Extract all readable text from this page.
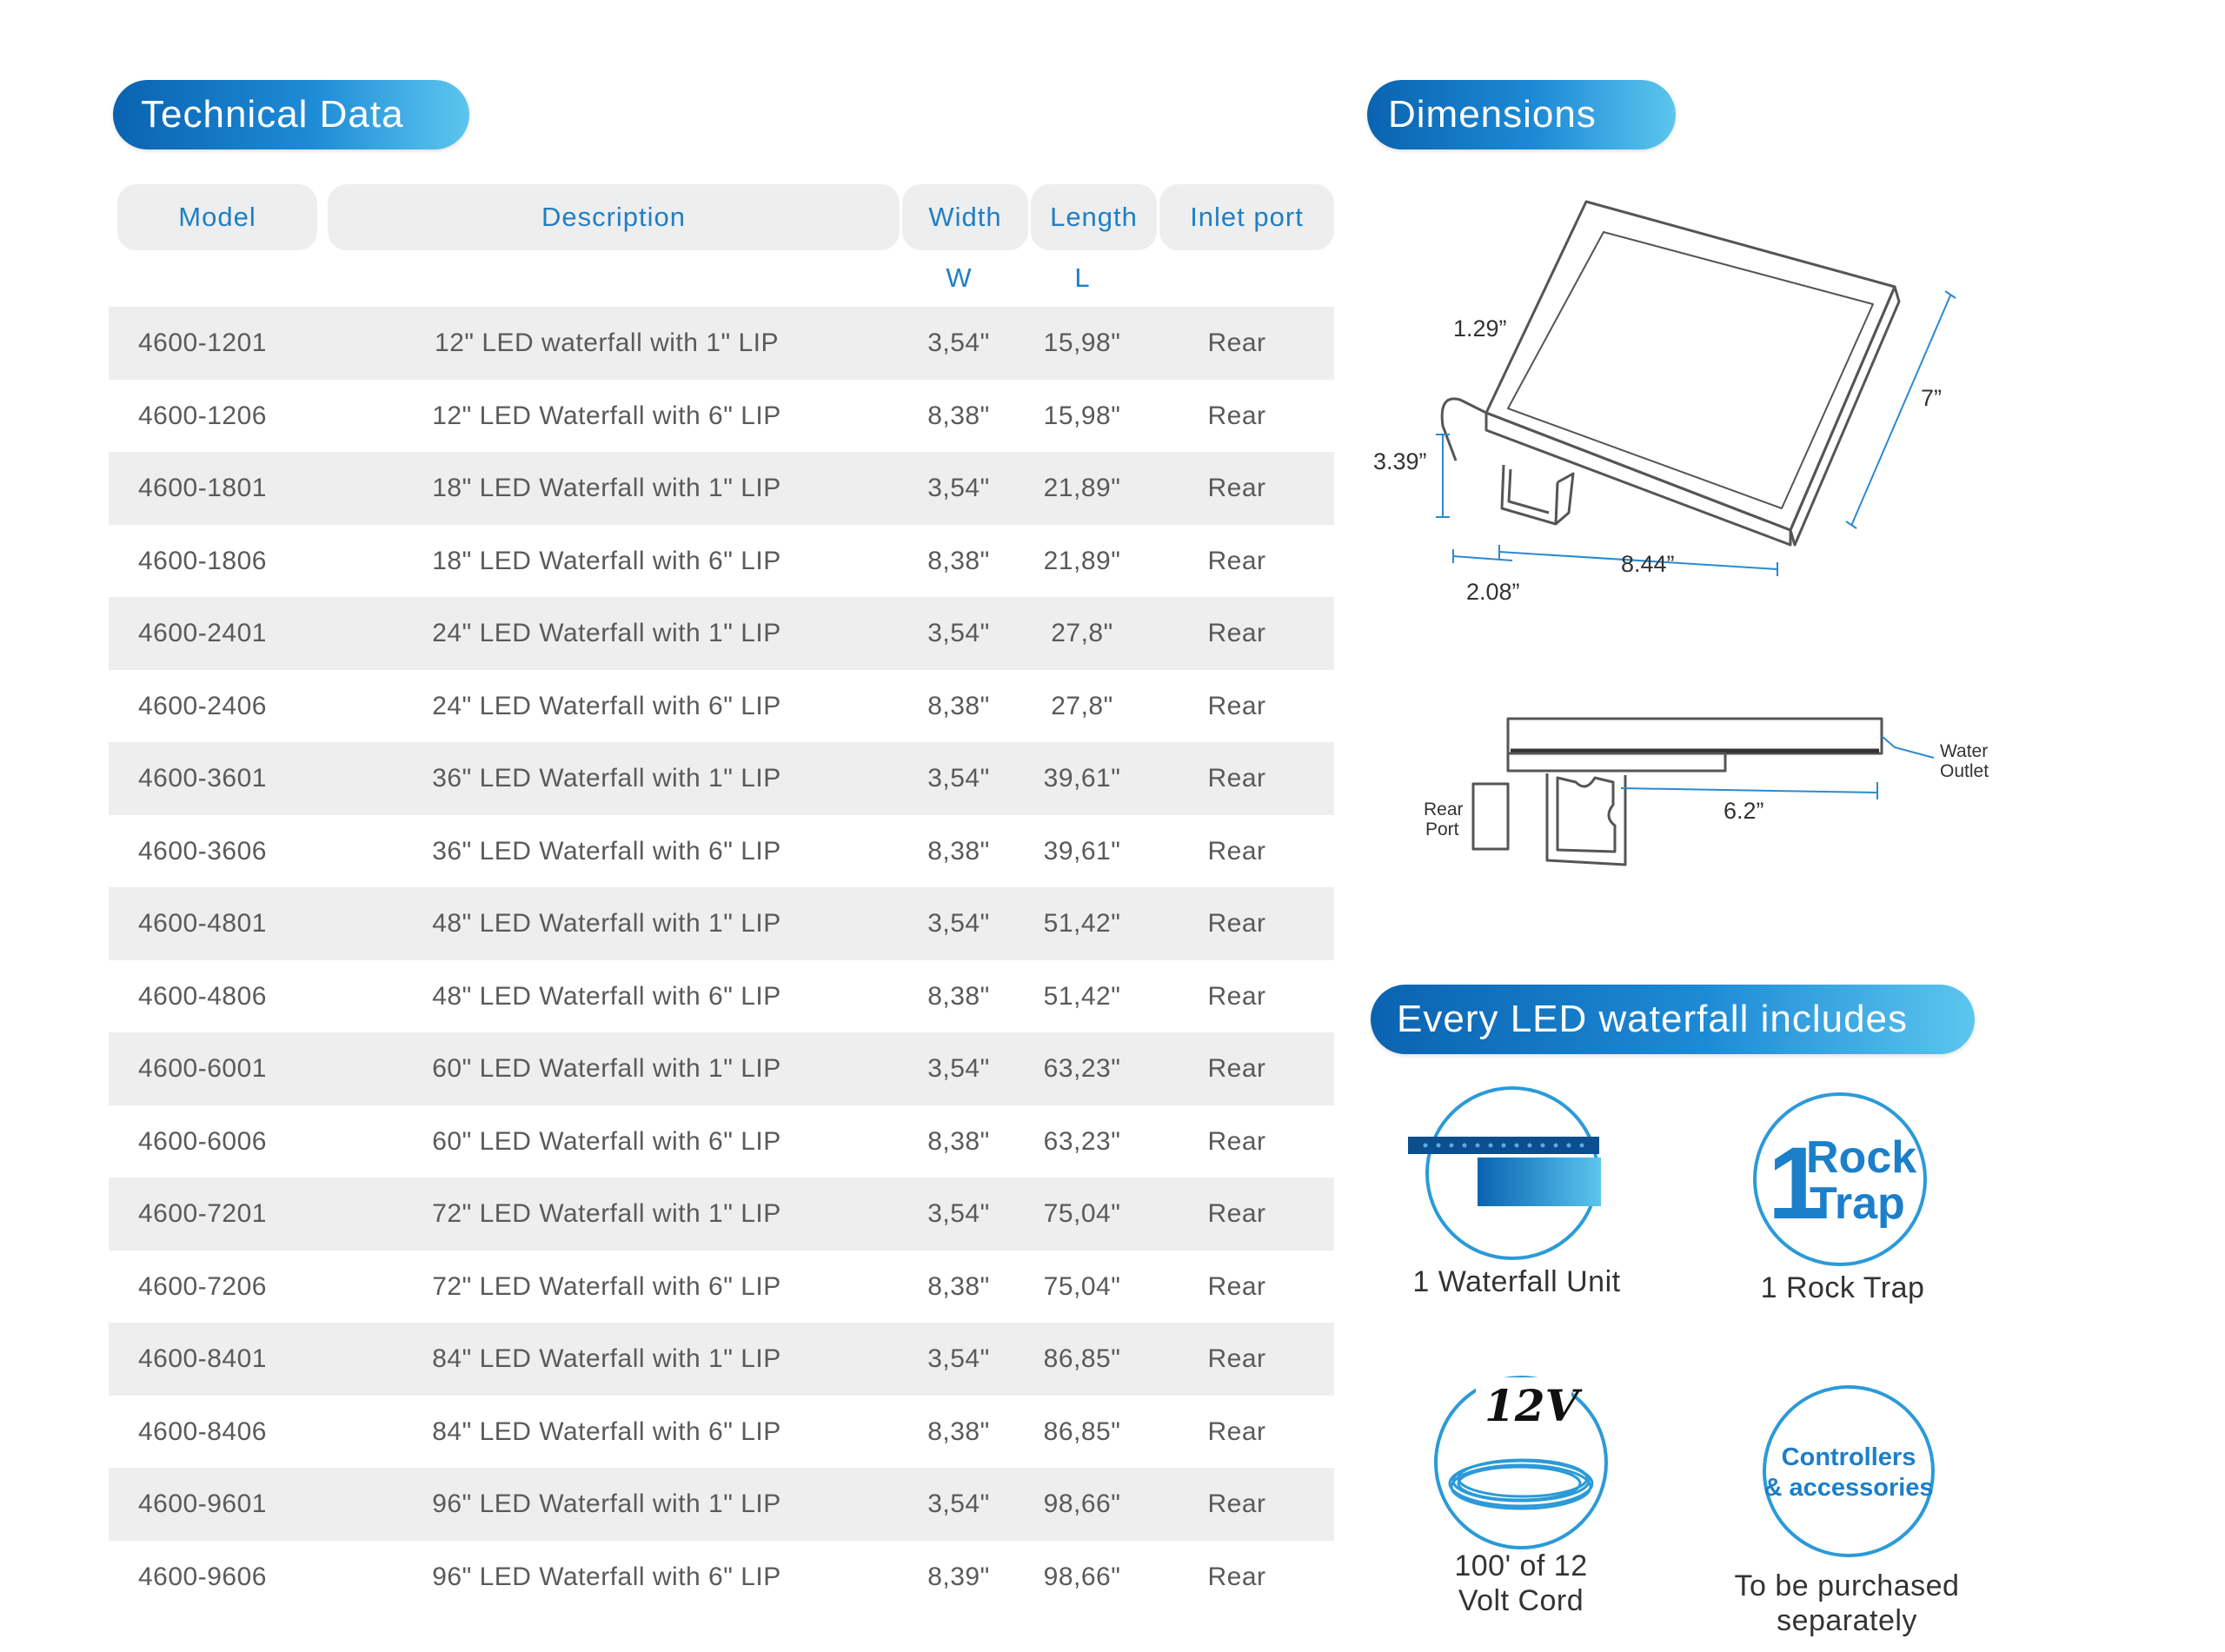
Technical Data
Model	Description	Width	Length	Inlet port
W	L
4600-1201	12" LED waterfall with 1" LIP	3,54" 15,98"	Rear
4600-1206	12" LED Waterfall with 6" LIP	8,38" 15,98"	Rear
4600-1801	18" LED Waterfall with 1" LIP	3,54" 21,89"	Rear
4600-1806	18" LED Waterfall with 6" LIP	8,38" 21,89"	Rear
4600-2401	24" LED Waterfall with 1" LIP	3,54" 27,8"	Rear
4600-2406	24" LED Waterfall with 6" LIP	8,38" 27,8"	Rear
4600-3601	36" LED Waterfall with 1" LIP	3,54" 39,61"	Rear
4600-3606	36" LED Waterfall with 6" LIP	8,38" 39,61"	Rear
4600-4801	48" LED Waterfall with 1" LIP	3,54" 51,42"	Rear
4600-4806	48" LED Waterfall with 6" LIP	8,38" 51,42"	Rear
4600-6001	60" LED Waterfall with 1" LIP	3,54" 63,23"	Rear
4600-6006	60" LED Waterfall with 6" LIP	8,38" 63,23"	Rear
4600-7201	72" LED Waterfall with 1" LIP	3,54" 75,04"	Rear
4600-7206	72" LED Waterfall with 6" LIP	8,38" 75,04"	Rear
4600-8401	84" LED Waterfall with 1" LIP	3,54" 86,85"	Rear
4600-8406	84" LED Waterfall with 6" LIP	8,38" 86,85"	Rear
4600-9601	96" LED Waterfall with 1" LIP	3,54" 98,66"	Rear
4600-9606	96" LED Waterfall with 6" LIP	8,39" 98,66"	Rear
Dimensions
1.29”
7”
3.39”
8.44”
2.08”
6.2”
Water
Outlet
Rear
Port
Every LED waterfall includes
1 Waterfall Unit
1
Rock
Trap
1 Rock Trap
12V
100' of 12
Volt Cord
Controllers
& accessories
To be purchased
separately
